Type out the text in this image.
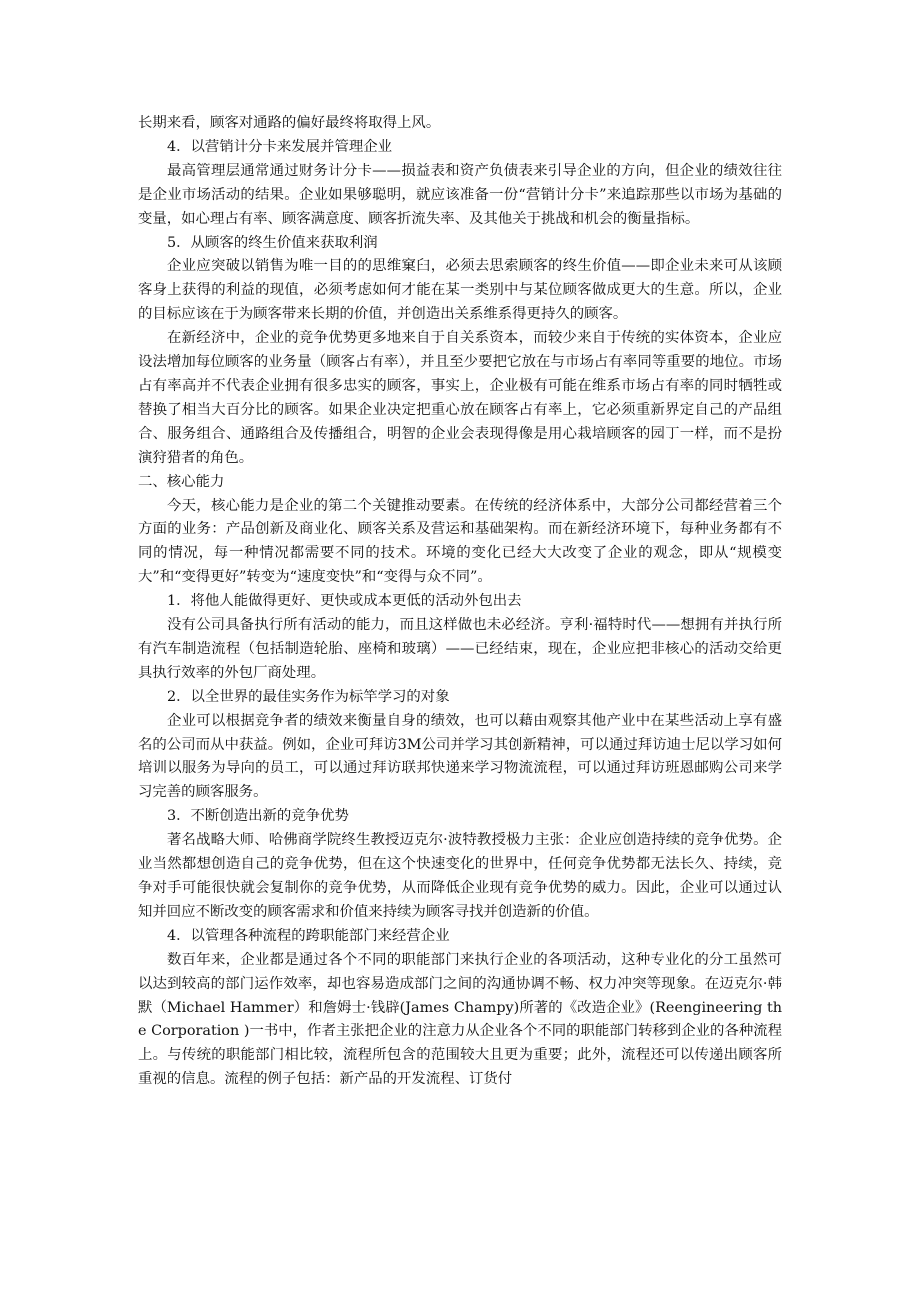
长期来看，顾客对通路的偏好最终将取得上风。

4．以营销计分卡来发展并管理企业

最高管理层通常通过财务计分卡——损益表和资产负债表来引导企业的方向，但企业的绩效往往是企业市场活动的结果。企业如果够聪明，就应该准备一份“营销计分卡”来追踪那些以市场为基础的变量，如心理占有率、顾客满意度、顾客折流失率、及其他关于挑战和机会的衡量指标。

5．从顾客的终生价值来获取利润

企业应突破以销售为唯一目的的思维窠臼，必须去思索顾客的终生价值——即企业未来可从该顾客身上获得的利益的现值，必须考虑如何才能在某一类别中与某位顾客做成更大的生意。所以，企业的目标应该在于为顾客带来长期的价值，并创造出关系维系得更持久的顾客。

在新经济中，企业的竞争优势更多地来自于自关系资本，而较少来自于传统的实体资本，企业应设法增加每位顾客的业务量（顾客占有率），并且至少要把它放在与市场占有率同等重要的地位。市场占有率高并不代表企业拥有很多忠实的顾客，事实上，企业极有可能在维系市场占有率的同时牺牲或替换了相当大百分比的顾客。如果企业决定把重心放在顾客占有率上，它必须重新界定自己的产品组合、服务组合、通路组合及传播组合，明智的企业会表现得像是用心栽培顾客的园丁一样，而不是扮演狩猎者的角色。

二、核心能力

今天，核心能力是企业的第二个关键推动要素。在传统的经济体系中，大部分公司都经营着三个方面的业务：产品创新及商业化、顾客关系及营运和基础架构。而在新经济环境下，每种业务都有不同的情况，每一种情况都需要不同的技术。环境的变化已经大大改变了企业的观念，即从“规模变大”和“变得更好”转变为“速度变快”和“变得与众不同”。

1．将他人能做得更好、更快或成本更低的活动外包出去

没有公司具备执行所有活动的能力，而且这样做也未必经济。亨利·福特时代——想拥有并执行所有汽车制造流程（包括制造轮胎、座椅和玻璃）——已经结束，现在，企业应把非核心的活动交给更具执行效率的外包厂商处理。

2．以全世界的最佳实务作为标竿学习的对象

企业可以根据竞争者的绩效来衡量自身的绩效，也可以藉由观察其他产业中在某些活动上享有盛名的公司而从中获益。例如，企业可拜访3M公司并学习其创新精神，可以通过拜访迪士尼以学习如何培训以服务为导向的员工，可以通过拜访联邦快递来学习物流流程，可以通过拜访班恩邮购公司来学习完善的顾客服务。

3．不断创造出新的竞争优势

著名战略大师、哈佛商学院终生教授迈克尔·波特教授极力主张：企业应创造持续的竞争优势。企业当然都想创造自己的竞争优势，但在这个快速变化的世界中，任何竞争优势都无法长久、持续，竞争对手可能很快就会复制你的竞争优势，从而降低企业现有竞争优势的威力。因此，企业可以通过认知并回应不断改变的顾客需求和价值来持续为顾客寻找并创造新的价值。

4．以管理各种流程的跨职能部门来经营企业

数百年来，企业都是通过各个不同的职能部门来执行企业的各项活动，这种专业化的分工虽然可以达到较高的部门运作效率，却也容易造成部门之间的沟通协调不畅、权力冲突等现象。在迈克尔·韩默（Michael Hammer）和詹姆士·钱辟(James Champy)所著的《改造企业》(Reengineering the Corporation )一书中，作者主张把企业的注意力从企业各个不同的职能部门转移到企业的各种流程上。与传统的职能部门相比较，流程所包含的范围较大且更为重要；此外，流程还可以传递出顾客所重视的信息。流程的例子包括：新产品的开发流程、订货付
